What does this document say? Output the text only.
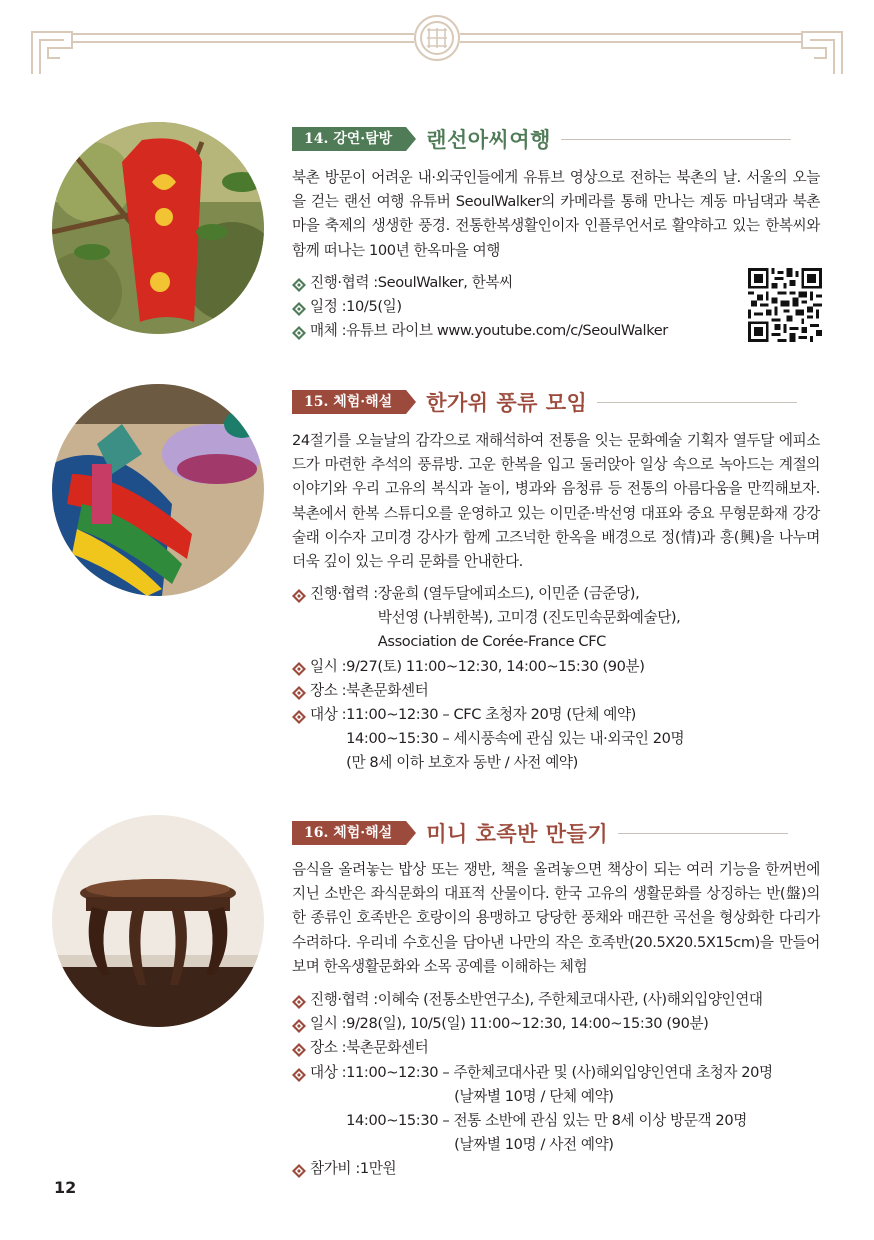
14. 강연·탐방	랜선아씨여행

북촌 방문이 어려운 내·외국인들에게 유튜브 영상으로 전하는 북촌의 날. 서울의 오늘을 걷는 랜선 여행 유튜버 SeoulWalker의 카메라를 통해 만나는 계동 마님댁과 북촌 마을 축제의 생생한 풍경. 전통한복생활인이자 인플루언서로 활약하고 있는 한복씨와 함께 떠나는 100년 한옥마을 여행

진행·협력 : SeoulWalker, 한복씨
일정 : 10/5(일)
매체 : 유튜브 라이브 www.youtube.com/c/SeoulWalker
15. 체험·해설	한가위 풍류 모임

24절기를 오늘날의 감각으로 재해석하여 전통을 잇는 문화예술 기획자 열두달 에피소드가 마련한 추석의 풍류방. 고운 한복을 입고 둘러앉아 일상 속으로 녹아드는 계절의 이야기와 우리 고유의 복식과 놀이, 병과와 음청류 등 전통의 아름다움을 만끽해보자. 북촌에서 한복 스튜디오를 운영하고 있는 이민준·박선영 대표와 중요 무형문화재 강강술래 이수자 고미경 강사가 함께 고즈넉한 한옥을 배경으로 정(情)과 흥(興)을 나누며 더욱 깊이 있는 우리 문화를 안내한다.

진행·협력 : 장윤희 (열두달에피소드), 이민준 (금준당),
박선영 (나뷔한복), 고미경 (진도민속문화예술단),
Association de Corée-France CFC
일시 : 9/27(토) 11:00~12:30, 14:00~15:30 (90분)
장소 : 북촌문화센터
대상 : 11:00~12:30 – CFC 초청자 20명 (단체 예약)
14:00~15:30 – 세시풍속에 관심 있는 내·외국인 20명
(만 8세 이하 보호자 동반 / 사전 예약)
16. 체험·해설	미니 호족반 만들기

음식을 올려놓는 밥상 또는 쟁반, 책을 올려놓으면 책상이 되는 여러 기능을 한꺼번에 지닌 소반은 좌식문화의 대표적 산물이다. 한국 고유의 생활문화를 상징하는 반(盤)의 한 종류인 호족반은 호랑이의 용맹하고 당당한 풍채와 매끈한 곡선을 형상화한 다리가 수려하다. 우리네 수호신을 담아낸 나만의 작은 호족반(20.5X20.5X15cm)을 만들어보며 한옥생활문화와 소목 공예를 이해하는 체험

진행·협력 : 이혜숙 (전통소반연구소), 주한체코대사관, (사)해외입양인연대
일시 : 9/28(일), 10/5(일) 11:00~12:30, 14:00~15:30 (90분)
장소 : 북촌문화센터
대상 : 11:00~12:30 – 주한체코대사관 및 (사)해외입양인연대 초청자 20명
(날짜별 10명 / 단체 예약)
14:00~15:30 – 전통 소반에 관심 있는 만 8세 이상 방문객 20명
(날짜별 10명 / 사전 예약)
참가비 : 1만원
12
